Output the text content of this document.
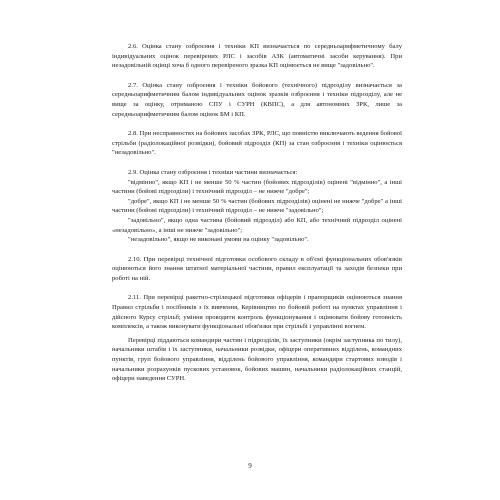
2.6. Оцінка стану озброєння і техніки КП визначається по середньоарифметичному балу індивідуальних оцінок перевірених РЛС і засобів АЗК (автоматичні засоби керування). При незадовільній оцінці хоча б одного перевіреного зразка КП оцінюється не вище "задовільно".

2.7. Оцінка стану озброєння і техніки бойового (технічного) підрозділу визначається за середньоарифметичним балом індивідуальних оцінок зразків озброєння і техніки підрозділу, але не вище за оцінку, отриманою СПУ і СУРН (КВПС), а для автономних ЗРК, лише за середньоарифметичним балом оцінок БМ і КП.

2.8. При несправностях на бойових засобах ЗРК, РЛС, що повністю виключають ведення бойової стрільби (радіолокаційної розвідки), бойовий підрозділ (КП) за стан озброєння і техніки оцінюється "незадовільно".

2.9. Оцінка стану озброєння і техніки частини визначається:

"відмінно", якщо КП і не менше 50 % частин (бойових підрозділів) оцінені "відмінно", а інші частини (бойові підрозділи) і технічний підрозділ – не нижче "добре";

"добре", якщо КП і не менше 50 % частин (бойових підрозділів) оцінені не нижче "добре" а інші частини (бойові підрозділи) і технічний підрозділ – не нижче "задовільно";

"задовільно", якщо одна частина (бойовий підрозділ) або КП, або технічний підрозділ оцінені «незадовільно», а інші не нижче "задовільно";

"незадовільно", якщо не виконані умови на оцінку "задовільно".

2.10. При перевірці технічної підготовки особового складу в об'ємі функціональних обов'язків оцінюються його знання штатної матеріальної частини, правил експлуатації та заходів безпеки при роботі на ній.

2.11. При перевірці ракетно-стрілецької підготовки офіцерів і прапорщиків оцінюються знання Правил стрільби і посібників з їх вивчення, Керівництво по бойовій роботі на пунктах управління і дійсного Курсу стрільб; уміння проводити контроль функціонування і оцінювати бойову готовність комплексів, а також виконувати функціональні обов'язки при стрільбі і управлінні вогнем.

Перевірці піддаються командири частин і підрозділів, їх заступники (окрім заступника по тилу), начальники штабів і їх заступники, начальники розвідки, офіцери оперативних відділень, командних пунктів, груп бойового управління, відділень бойового управління, командири стартових взводів і начальники розрахунків пускових установок, бойових машин, начальники радіолокаційних станцій, офіцери наведення СУРН.

9
